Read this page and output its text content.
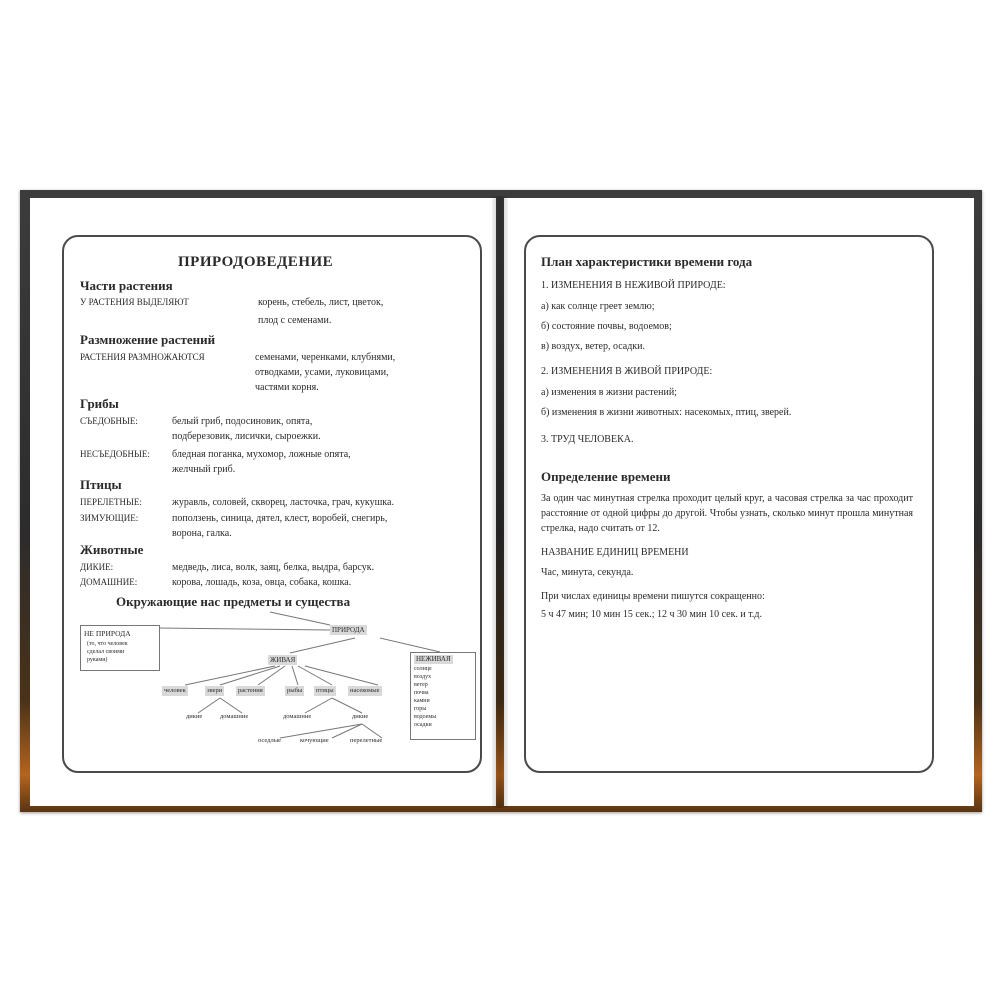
ПРИРОДОВЕДЕНИЕ
Части растения
У РАСТЕНИЯ ВЫДЕЛЯЮТ	корень, стебель, лист, цветок,
плод с семенами.
Размножение растений
РАСТЕНИЯ РАЗМНОЖАЮТСЯ	семенами, черенками, клубнями,
отводками, усами, луковицами,
частями корня.
Грибы
СЪЕДОБНЫЕ:	белый гриб, подосиновик, опята,
подберезовик, лисички, сыроежки.
НЕСЪЕДОБНЫЕ: бледная поганка, мухомор, ложные опята,
желчный гриб.
Птицы
ПЕРЕЛЕТНЫЕ:	журавль, соловей, скворец, ласточка, грач, кукушка.
ЗИМУЮЩИЕ:	поползень, синица, дятел, клест, воробей, снегирь,
ворона, галка.
Животные
ДИКИЕ:	медведь, лиса, волк, заяц, белка, выдра, барсук.
ДОМАШНИЕ:	корова, лошадь, коза, овца, собака, кошка.
Окружающие нас предметы и существа
НЕ ПРИРОДА
(то, что человек
сделал своими
руками)
ПРИРОДА
ЖИВАЯ	НЕЖИВАЯ
солнце
воздух
ветер
почва
камни
горы
водоемы
осадки
человек	звери	растения	рыбы	птицы	насекомые
дикие	домашние	домашние	дикие
оседлые	кочующие	перелетные
План характеристики времени года
1. ИЗМЕНЕНИЯ В НЕЖИВОЙ ПРИРОДЕ:
а) как солнце греет землю;
б) состояние почвы, водоемов;
в) воздух, ветер, осадки.
2. ИЗМЕНЕНИЯ В ЖИВОЙ ПРИРОДЕ:
а) изменения в жизни растений;
б) изменения в жизни животных: насекомых, птиц, зверей.
3. ТРУД ЧЕЛОВЕКА.
Определение времени
За один час минутная стрелка проходит целый круг, а часовая стрелка за час проходит расстояние от одной цифры до другой. Чтобы узнать, сколько минут прошла минутная стрелка, надо считать от 12.
НАЗВАНИЕ ЕДИНИЦ ВРЕМЕНИ
Час, минута, секунда.
При числах единицы времени пишутся сокращенно:
5 ч 47 мин; 10 мин 15 сек.; 12 ч 30 мин 10 сек. и т.д.
